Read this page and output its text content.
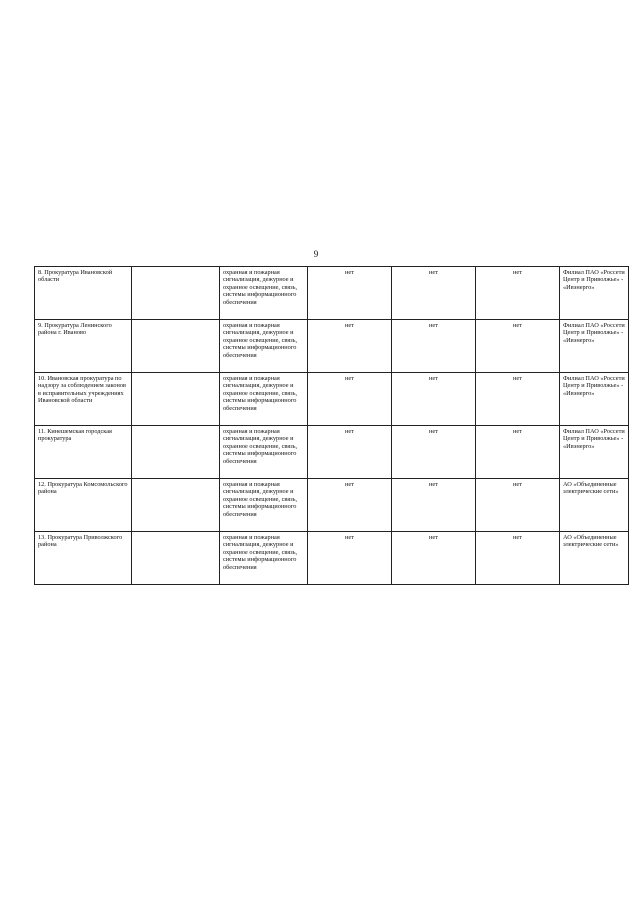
9
8. Прокуратура Ивановской области		охранная и пожарная сигнализация, дежурное и охранное освещение, связь, системы информационного обеспечения	нет	нет	нет	Филиал ПАО «Россети Центр и Приволжье» - «Ивэнерго»
9. Прокуратура Ленинского района г. Иваново		охранная и пожарная сигнализация, дежурное и охранное освещение, связь, системы информационного обеспечения	нет	нет	нет	Филиал ПАО «Россети Центр и Приволжье» - «Ивэнерго»
10. Ивановская прокуратура по надзору за соблюдением законов в исправительных учреждениях Ивановской области		охранная и пожарная сигнализация, дежурное и охранное освещение, связь, системы информационного обеспечения	нет	нет	нет	Филиал ПАО «Россети Центр и Приволжье» - «Ивэнерго»
11. Кинешемская городская прокуратура		охранная и пожарная сигнализация, дежурное и охранное освещение, связь, системы информационного обеспечения	нет	нет	нет	Филиал ПАО «Россети Центр и Приволжье» - «Ивэнерго»
12. Прокуратура Комсомольского района		охранная и пожарная сигнализация, дежурное и охранное освещение, связь, системы информационного обеспечения	нет	нет	нет	АО «Объединенные электрические сети»
13. Прокуратура Приволжского района		охранная и пожарная сигнализация, дежурное и охранное освещение, связь, системы информационного обеспечения	нет	нет	нет	АО «Объединенные электрические сети»
